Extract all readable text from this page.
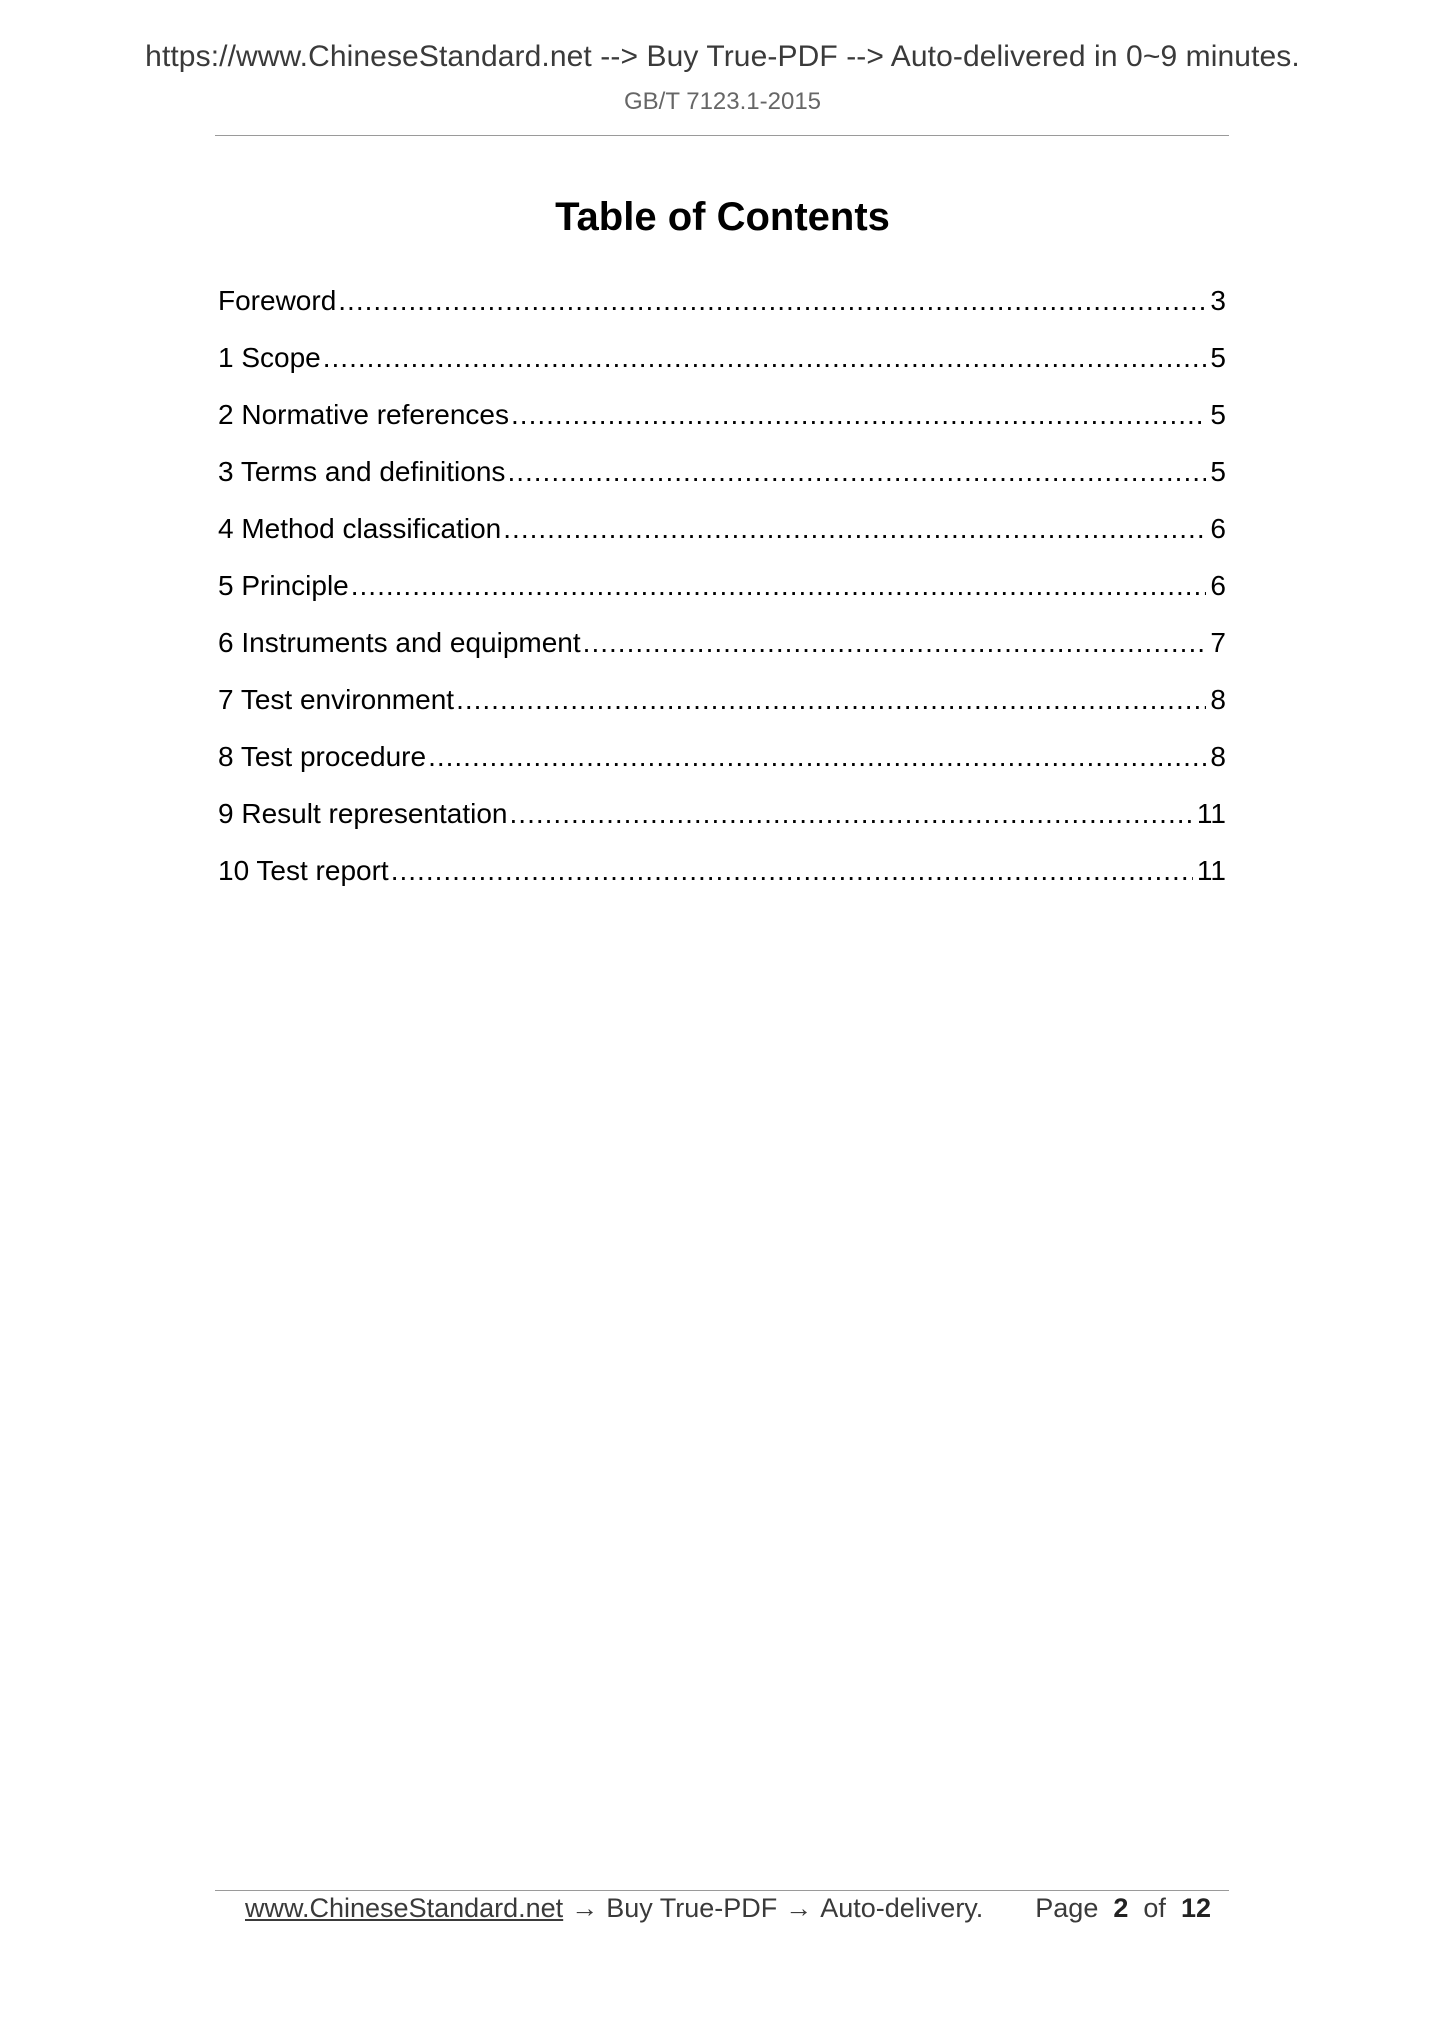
https://www.ChineseStandard.net --> Buy True-PDF --> Auto-delivered in 0~9 minutes.
GB/T 7123.1-2015
Table of Contents
Foreword .....	3
1 Scope .....	5
2 Normative references .....	5
3 Terms and definitions .....	5
4 Method classification .....	6
5 Principle .....	6
6 Instruments and equipment .....	7
7 Test environment .....	8
8 Test procedure .....	8
9 Result representation .....	11
10 Test report .....	11
www.ChineseStandard.net → Buy True-PDF → Auto-delivery. Page 2 of 12
